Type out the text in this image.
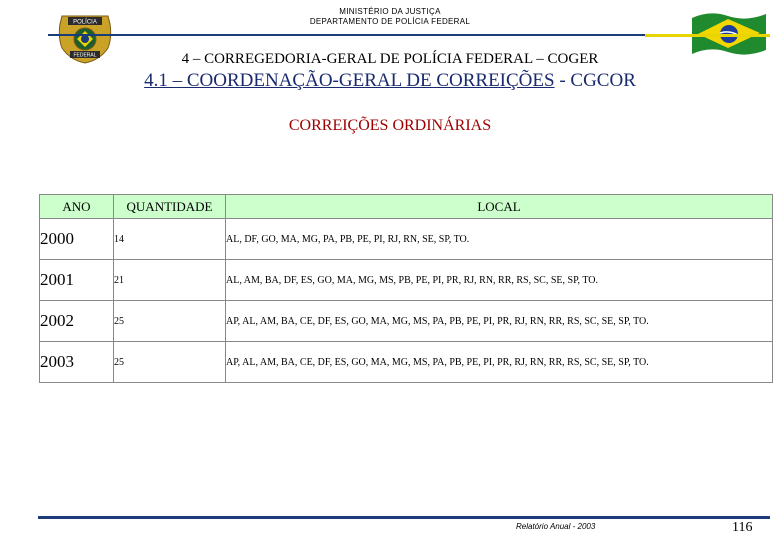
MINISTÉRIO DA JUSTIÇA
DEPARTAMENTO DE POLÍCIA FEDERAL
POLÍCIA
FEDERAL	4 – CORREGEDORIA-GERAL DE POLÍCIA FEDERAL – COGER
4.1 – COORDENAÇÃO-GERAL DE CORREIÇÕES - CGCOR
CORREIÇÕES ORDINÁRIAS
ANO	QUANTIDADE	LOCAL
2000	14	AL, DF, GO, MA, MG, PA, PB, PE, PI, RJ, RN, SE, SP, TO.
2001	21	AL, AM, BA, DF, ES, GO, MA, MG, MS, PB, PE, PI, PR, RJ, RN, RR, RS, SC, SE, SP, TO.
2002	25	AP, AL, AM, BA, CE, DF, ES, GO, MA, MG, MS, PA, PB, PE, PI, PR, RJ, RN, RR, RS, SC, SE, SP, TO.
2003	25	AP, AL, AM, BA, CE, DF, ES, GO, MA, MG, MS, PA, PB, PE, PI, PR, RJ, RN, RR, RS, SC, SE, SP, TO.
Relatório Anual - 2003	116
